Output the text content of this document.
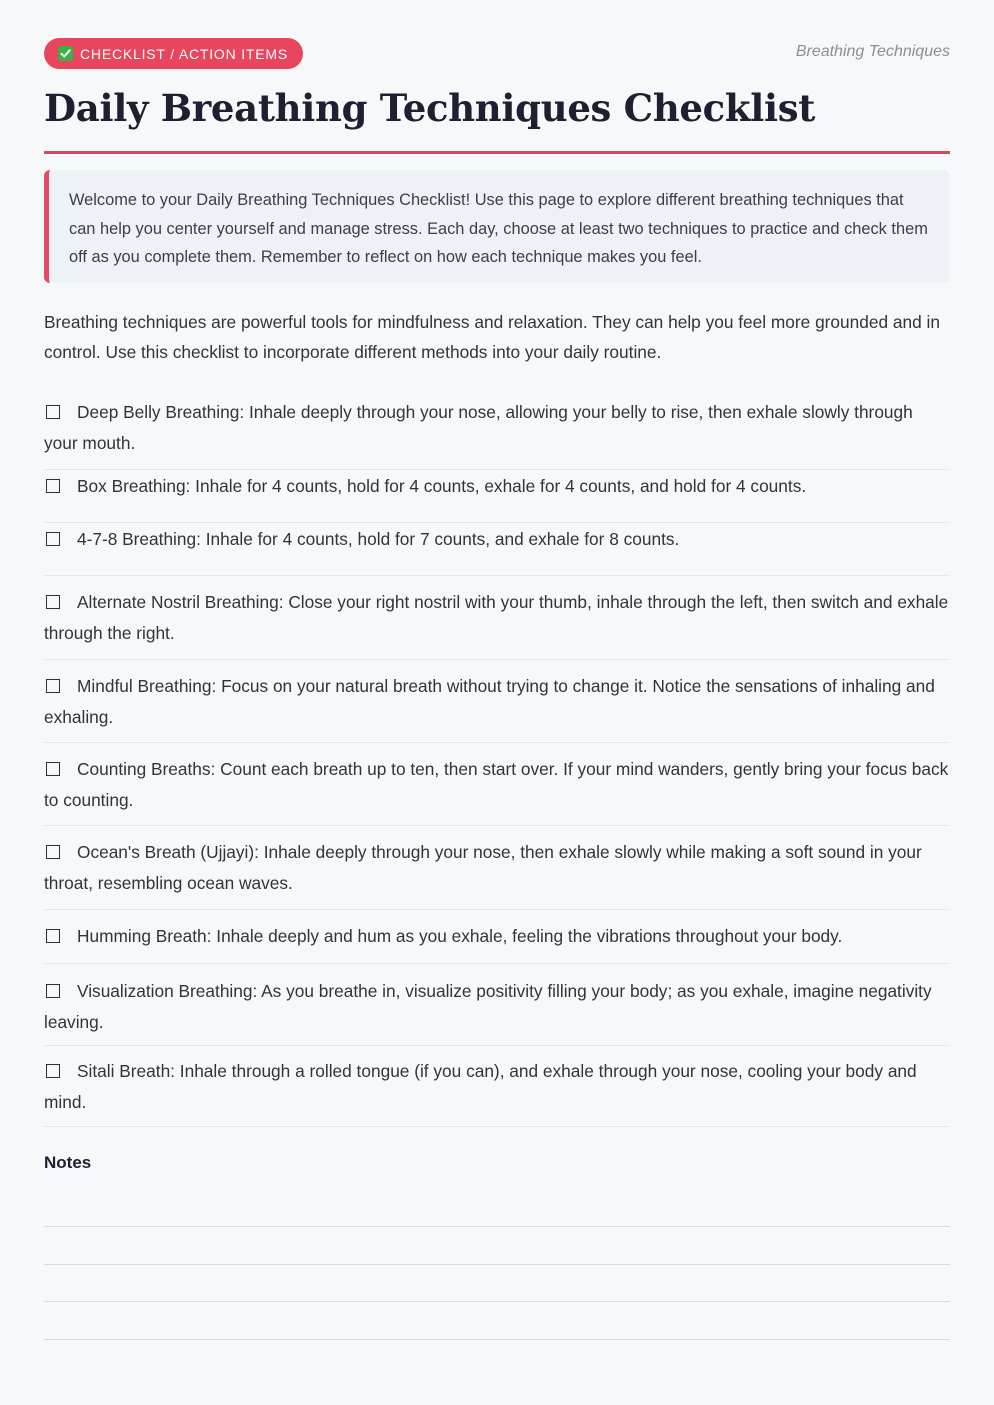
CHECKLIST / ACTION ITEMS	Breathing Techniques
Daily Breathing Techniques Checklist
Welcome to your Daily Breathing Techniques Checklist! Use this page to explore different breathing techniques that can help you center yourself and manage stress. Each day, choose at least two techniques to practice and check them off as you complete them. Remember to reflect on how each technique makes you feel.

Breathing techniques are powerful tools for mindfulness and relaxation. They can help you feel more grounded and in control. Use this checklist to incorporate different methods into your daily routine.

Deep Belly Breathing: Inhale deeply through your nose, allowing your belly to rise, then exhale slowly through your mouth.
Box Breathing: Inhale for 4 counts, hold for 4 counts, exhale for 4 counts, and hold for 4 counts.
4-7-8 Breathing: Inhale for 4 counts, hold for 7 counts, and exhale for 8 counts.
Alternate Nostril Breathing: Close your right nostril with your thumb, inhale through the left, then switch and exhale through the right.
Mindful Breathing: Focus on your natural breath without trying to change it. Notice the sensations of inhaling and exhaling.
Counting Breaths: Count each breath up to ten, then start over. If your mind wanders, gently bring your focus back to counting.
Ocean's Breath (Ujjayi): Inhale deeply through your nose, then exhale slowly while making a soft sound in your throat, resembling ocean waves.
Humming Breath: Inhale deeply and hum as you exhale, feeling the vibrations throughout your body.
Visualization Breathing: As you breathe in, visualize positivity filling your body; as you exhale, imagine negativity leaving.
Sitali Breath: Inhale through a rolled tongue (if you can), and exhale through your nose, cooling your body and mind.
Notes
